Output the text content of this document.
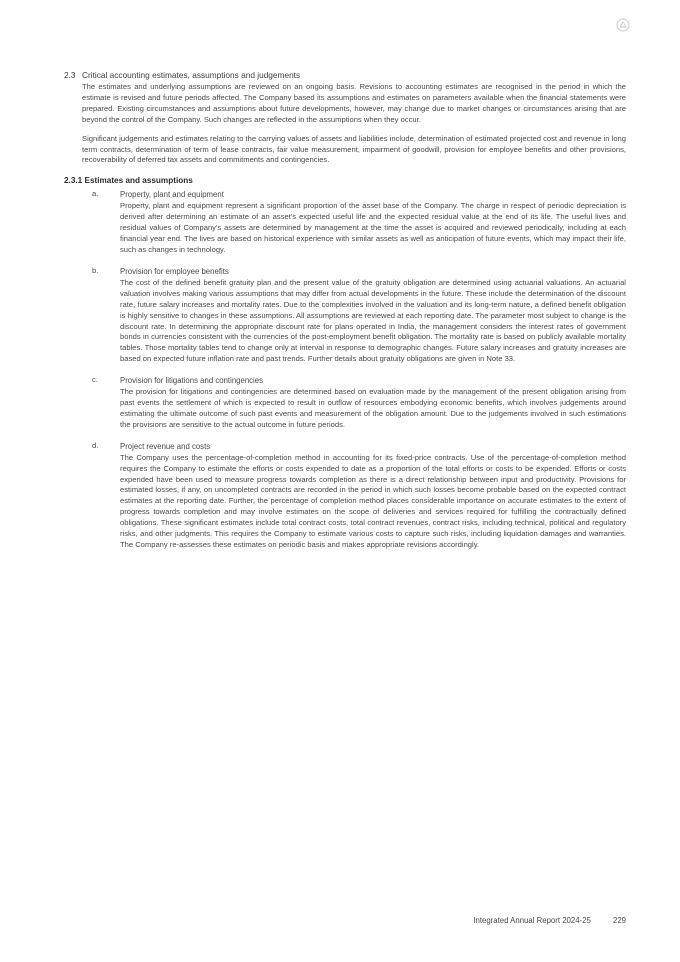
2.3 Critical accounting estimates, assumptions and judgements

The estimates and underlying assumptions are reviewed on an ongoing basis. Revisions to accounting estimates are recognised in the period in which the estimate is revised and future periods affected. The Company based its assumptions and estimates on parameters available when the financial statements were prepared. Existing circumstances and assumptions about future developments, however, may change due to market changes or circumstances arising that are beyond the control of the Company. Such changes are reflected in the assumptions when they occur.

Significant judgements and estimates relating to the carrying values of assets and liabilities include, determination of estimated projected cost and revenue in long term contracts, determination of term of lease contracts, fair value measurement, impairment of goodwill, provision for employee benefits and other provisions, recoverability of deferred tax assets and commitments and contingencies.

2.3.1 Estimates and assumptions
a.	Property, plant and equipment

Property, plant and equipment represent a significant proportion of the asset base of the Company. The charge in respect of periodic depreciation is derived after determining an estimate of an asset's expected useful life and the expected residual value at the end of its life. The useful lives and residual values of Company's assets are determined by management at the time the asset is acquired and reviewed periodically, including at each financial year end. The lives are based on historical experience with similar assets as well as anticipation of future events, which may impact their life, such as changes in technology.

b.	Provision for employee benefits

The cost of the defined benefit gratuity plan and the present value of the gratuity obligation are determined using actuarial valuations. An actuarial valuation involves making various assumptions that may differ from actual developments in the future. These include the determination of the discount rate, future salary increases and mortality rates. Due to the complexities involved in the valuation and its long-term nature, a defined benefit obligation is highly sensitive to changes in these assumptions. All assumptions are reviewed at each reporting date. The parameter most subject to change is the discount rate. In determining the appropriate discount rate for plans operated in India, the management considers the interest rates of government bonds in currencies consistent with the currencies of the post-employment benefit obligation. The mortality rate is based on publicly available mortality tables. Those mortality tables tend to change only at interval in response to demographic changes. Future salary increases and gratuity increases are based on expected future inflation rate and past trends. Further details about gratuity obligations are given in Note 33.

c.	Provision for litigations and contingencies

The provision for litigations and contingencies are determined based on evaluation made by the management of the present obligation arising from past events the settlement of which is expected to result in outflow of resources embodying economic benefits, which involves judgements around estimating the ultimate outcome of such past events and measurement of the obligation amount. Due to the judgements involved in such estimations the provisions are sensitive to the actual outcome in future periods.

d.	Project revenue and costs

The Company uses the percentage-of-completion method in accounting for its fixed-price contracts. Use of the percentage-of-completion method requires the Company to estimate the efforts or costs expended to date as a proportion of the total efforts or costs to be expended. Efforts or costs expended have been used to measure progress towards completion as there is a direct relationship between input and productivity. Provisions for estimated losses, if any, on uncompleted contracts are recorded in the period in which such losses become probable based on the expected contract estimates at the reporting date. Further, the percentage of completion method places considerable importance on accurate estimates to the extent of progress towards completion and may involve estimates on the scope of deliveries and services required for fulfilling the contractually defined obligations. These significant estimates include total contract costs, total contract revenues, contract risks, including technical, political and regulatory risks, and other judgments. This requires the Company to estimate various costs to capture such risks, including liquidation damages and warranties. The Company re-assesses these estimates on periodic basis and makes appropriate revisions accordingly.

Integrated Annual Report 2024-25	229
